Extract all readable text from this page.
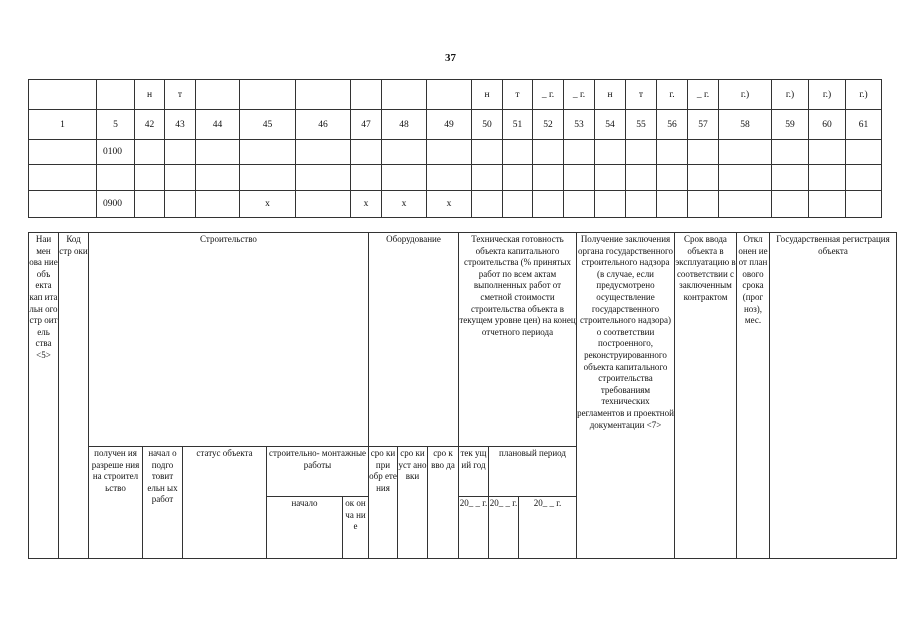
37
		н	т							н	т	_ г.	_ г.	н	т	г.	_ г.	г.)	г.)	г.)	г.)
1	5	42	43	44	45	46	47	48	49	50	51	52	53	54	55	56	57	58	59	60	61
	0100																				

	0900				x		x	x	x												
Наи мен ова ние объ екта кап ита льн ого стр оит ель ства <5>	Код стр оки	Строительство					Оборудование			Техническая готовность объекта капитального строительства (% принятых работ по всем актам выполненных работ от сметной стоимости строительства объекта в текущем уровне цен) на конец отчетного периода			Получение заключения органа государственного строительного надзора (в случае, если предусмотрено осуществление государственного строительного надзора) о соответствии построенного, реконструированного объекта капитального строительства требованиям технических регламентов и проектной документации <7>	Срок ввода объекта в эксплуатацию в соответствии с заключенным контрактом	Откл онен ие от план ового срока (прог ноз), мес.	Государственная регистрация объекта
		получен ия разреше ния на строител ьство	начал о подго товит ельн ых работ	статус объекта	строительно- монтажные работы		сро ки при обр ете ния	сро ки уст ано вки	сро к вво да	тек ущ ий год	плановый период					
					начало	ок он ча ни е				20_ _ г.	20_ _ г.	20_ _ г.				
